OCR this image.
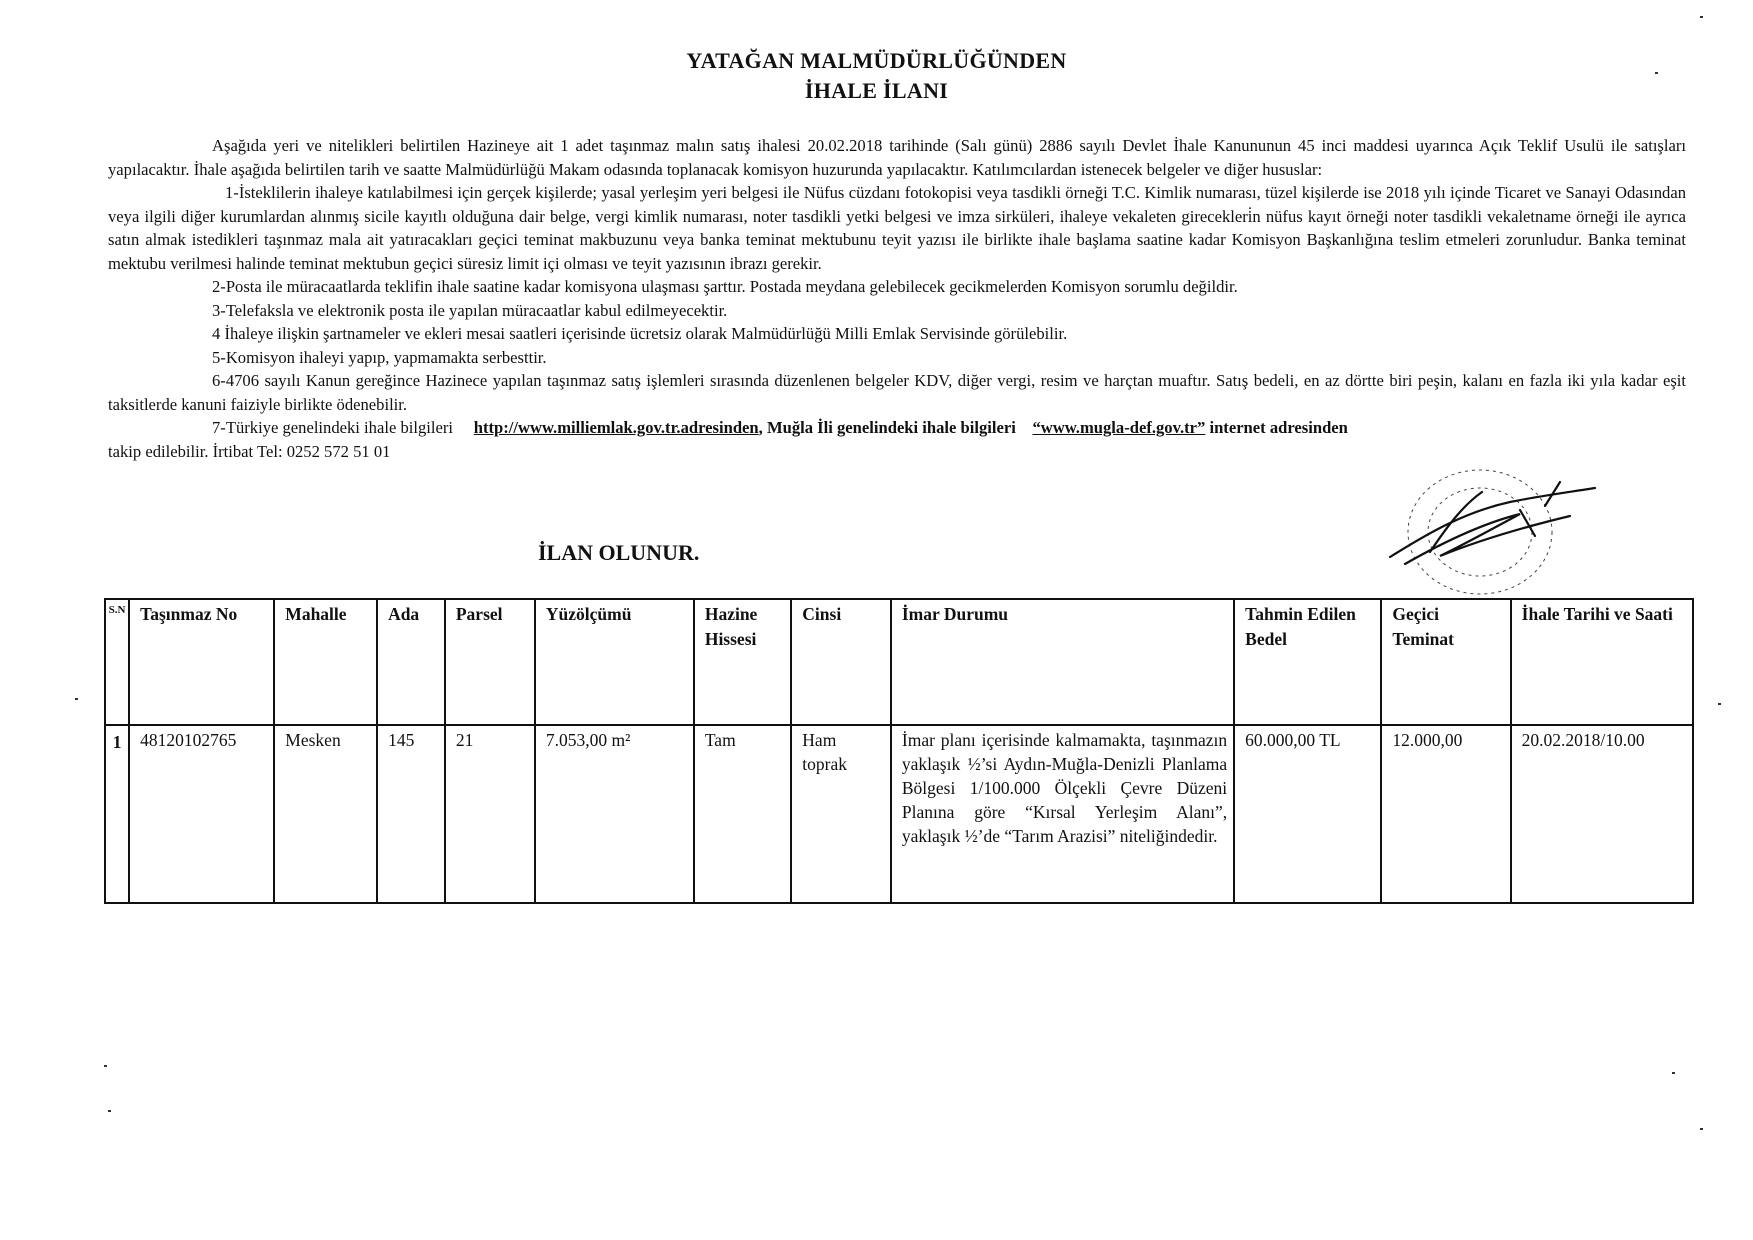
YATAĞAN MALMÜDÜRLÜĞÜNDEN
İHALE İLANI

Aşağıda yeri ve nitelikleri belirtilen Hazineye ait 1 adet taşınmaz malın satış ihalesi 20.02.2018 tarihinde (Salı günü) 2886 sayılı Devlet İhale Kanununun 45 inci maddesi uyarınca Açık Teklif Usulü ile satışları yapılacaktır. İhale aşağıda belirtilen tarih ve saatte Malmüdürlüğü Makam odasında toplanacak komisyon huzurunda yapılacaktır. Katılımcılardan istenecek belgeler ve diğer hususlar:

1-İsteklilerin ihaleye katılabilmesi için gerçek kişilerde; yasal yerleşim yeri belgesi ile Nüfus cüzdanı fotokopisi veya tasdikli örneği T.C. Kimlik numarası, tüzel kişilerde ise 2018 yılı içinde Ticaret ve Sanayi Odasından veya ilgili diğer kurumlardan alınmış sicile kayıtlı olduğuna dair belge, vergi kimlik numarası, noter tasdikli yetki belgesi ve imza sirküleri, ihaleye vekaleten girecekleri̇n nüfus kayıt örneği noter tasdikli vekaletname örneği ile ayrıca satın almak istedikleri taşınmaz mala ait yatıracakları geçici teminat makbuzunu veya banka teminat mektubunu teyit yazısı ile birlikte ihale başlama saatine kadar Komisyon Başkanlığına teslim etmeleri zorunludur. Banka teminat mektubu verilmesi halinde teminat mektubun geçici süresiz limit içi olması ve teyit yazısının ibrazı gerekir.

2-Posta ile müracaatlarda teklifin ihale saatine kadar komisyona ulaşması şarttır. Postada meydana gelebilecek gecikmelerden Komisyon sorumlu değildir.

3-Telefaksla ve elektronik posta ile yapılan müracaatlar kabul edilmeyecektir.

4 İhaleye ilişkin şartnameler ve ekleri mesai saatleri içerisinde ücretsiz olarak Malmüdürlüğü Milli Emlak Servisinde görülebilir.

5-Komisyon ihaleyi yapıp, yapmamakta serbesttir.

6-4706 sayılı Kanun gereğince Hazinece yapılan taşınmaz satış işlemleri sırasında düzenlenen belgeler KDV, diğer vergi, resim ve harçtan muaftır. Satış bedeli, en az dörtte biri peşin, kalanı en fazla iki yıla kadar eşit taksitlerde kanuni faiziyle birlikte ödenebilir.

7-Türkiye genelindeki ihale bilgileri http://www.milliemlak.gov.tr.adresinden, Muğla İli genelindeki ihale bilgileri “www.mugla-def.gov.tr” internet adresinden

takip edilebilir. İrtibat Tel: 0252 572 51 01

İLAN OLUNUR.
S.N	Taşınmaz No	Mahalle	Ada	Parsel	Yüzölçümü	Hazine Hissesi	Cinsi	İmar Durumu	Tahmin Edilen Bedel	Geçici Teminat	İhale Tarihi ve Saati
1	48120102765	Mesken	145	21	7.053,00 m²	Tam	Ham toprak	İmar planı içerisinde kalmamakta, taşınmazın yaklaşık ½’si Aydın-Muğla-Denizli Planlama Bölgesi 1/100.000 Ölçekli Çevre Düzeni Planına göre “Kırsal Yerleşim Alanı”, yaklaşık ½’de “Tarım Arazisi” niteliğindedir.	60.000,00 TL	12.000,00	20.02.2018/10.00
